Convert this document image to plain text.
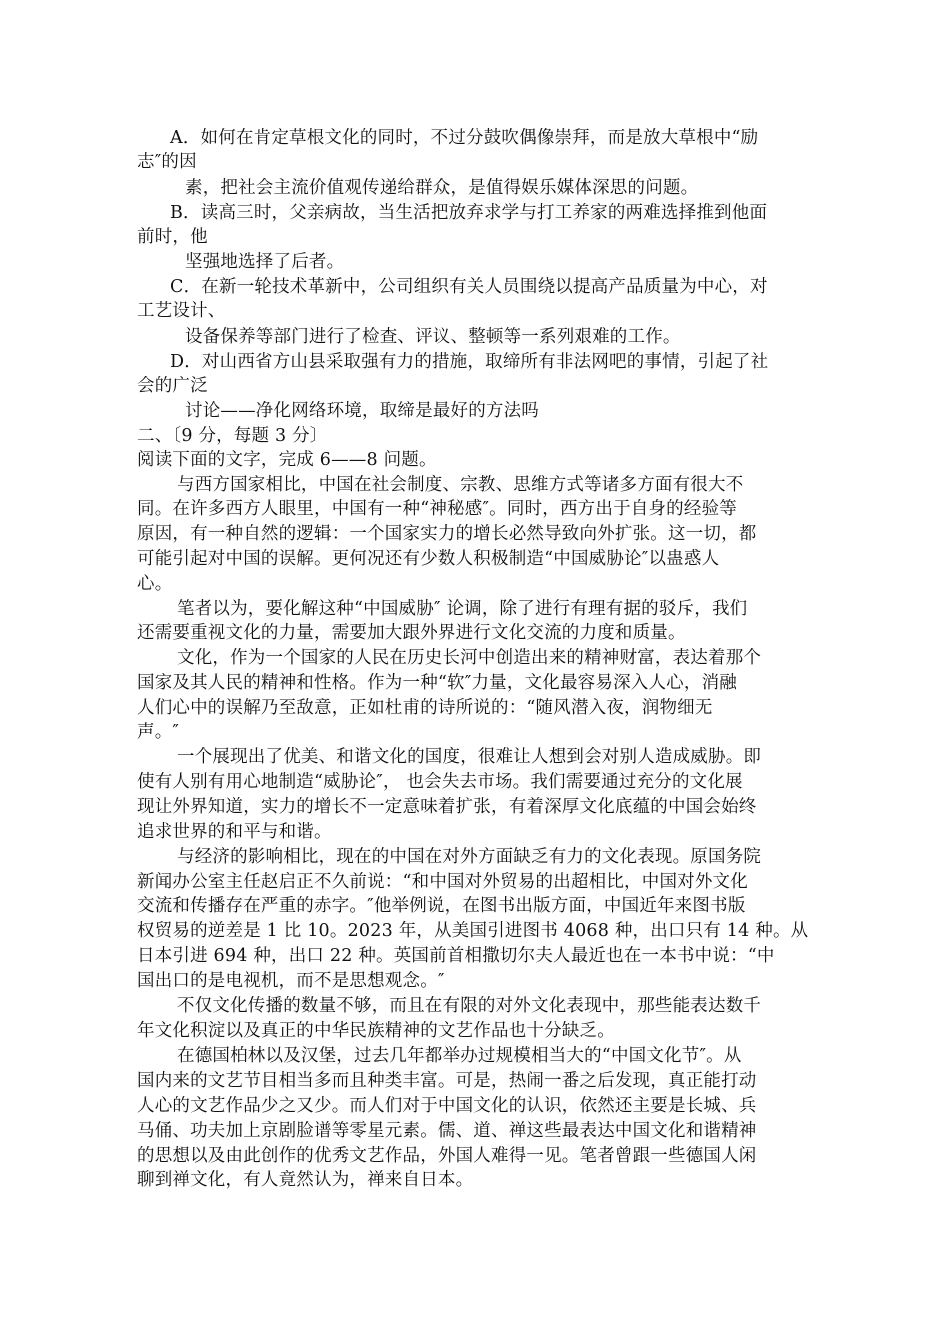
A．如何在肯定草根文化的同时，不过分鼓吹偶像崇拜，而是放大草根中“励
志″的因
素，把社会主流价值观传递给群众，是值得娱乐媒体深思的问题。
B．读高三时，父亲病故，当生活把放弃求学与打工养家的两难选择推到他面
前时，他
坚强地选择了后者。
C．在新一轮技术革新中，公司组织有关人员围绕以提高产品质量为中心，对
工艺设计、
设备保养等部门进行了检查、评议、整顿等一系列艰难的工作。
D．对山西省方山县采取强有力的措施，取缔所有非法网吧的事情，引起了社
会的广泛
讨论——净化网络环境，取缔是最好的方法吗
二、〔9 分，每题 3 分〕
阅读下面的文字，完成 6——8 问题。
与西方国家相比，中国在社会制度、宗教、思维方式等诸多方面有很大不
同。在许多西方人眼里，中国有一种“神秘感″。同时，西方出于自身的经验等
原因，有一种自然的逻辑：一个国家实力的增长必然导致向外扩张。这一切，都
可能引起对中国的误解。更何况还有少数人积极制造“中国威胁论″以蛊惑人
心。
笔者以为，要化解这种“中国威胁″ 论调，除了进行有理有据的驳斥，我们
还需要重视文化的力量，需要加大跟外界进行文化交流的力度和质量。
文化，作为一个国家的人民在历史长河中创造出来的精神财富，表达着那个
国家及其人民的精神和性格。作为一种“软″力量，文化最容易深入人心，消融
人们心中的误解乃至敌意，正如杜甫的诗所说的：“随风潜入夜，润物细无
声。″
一个展现出了优美、和谐文化的国度，很难让人想到会对别人造成威胁。即
使有人别有用心地制造“威胁论″， 也会失去市场。我们需要通过充分的文化展
现让外界知道，实力的增长不一定意味着扩张，有着深厚文化底蕴的中国会始终
追求世界的和平与和谐。
与经济的影响相比，现在的中国在对外方面缺乏有力的文化表现。原国务院
新闻办公室主任赵启正不久前说：“和中国对外贸易的出超相比，中国对外文化
交流和传播存在严重的赤字。″他举例说，在图书出版方面，中国近年来图书版
权贸易的逆差是 1 比 10。2023 年，从美国引进图书 4068 种，出口只有 14 种。从
日本引进 694 种，出口 22 种。英国前首相撒切尔夫人最近也在一本书中说：“中
国出口的是电视机，而不是思想观念。″
不仅文化传播的数量不够，而且在有限的对外文化表现中，那些能表达数千
年文化积淀以及真正的中华民族精神的文艺作品也十分缺乏。
在德国柏林以及汉堡，过去几年都举办过规模相当大的“中国文化节″。从
国内来的文艺节目相当多而且种类丰富。可是，热闹一番之后发现，真正能打动
人心的文艺作品少之又少。而人们对于中国文化的认识，依然还主要是长城、兵
马俑、功夫加上京剧脸谱等零星元素。儒、道、禅这些最表达中国文化和谐精神
的思想以及由此创作的优秀文艺作品，外国人难得一见。笔者曾跟一些德国人闲
聊到禅文化，有人竟然认为，禅来自日本。
